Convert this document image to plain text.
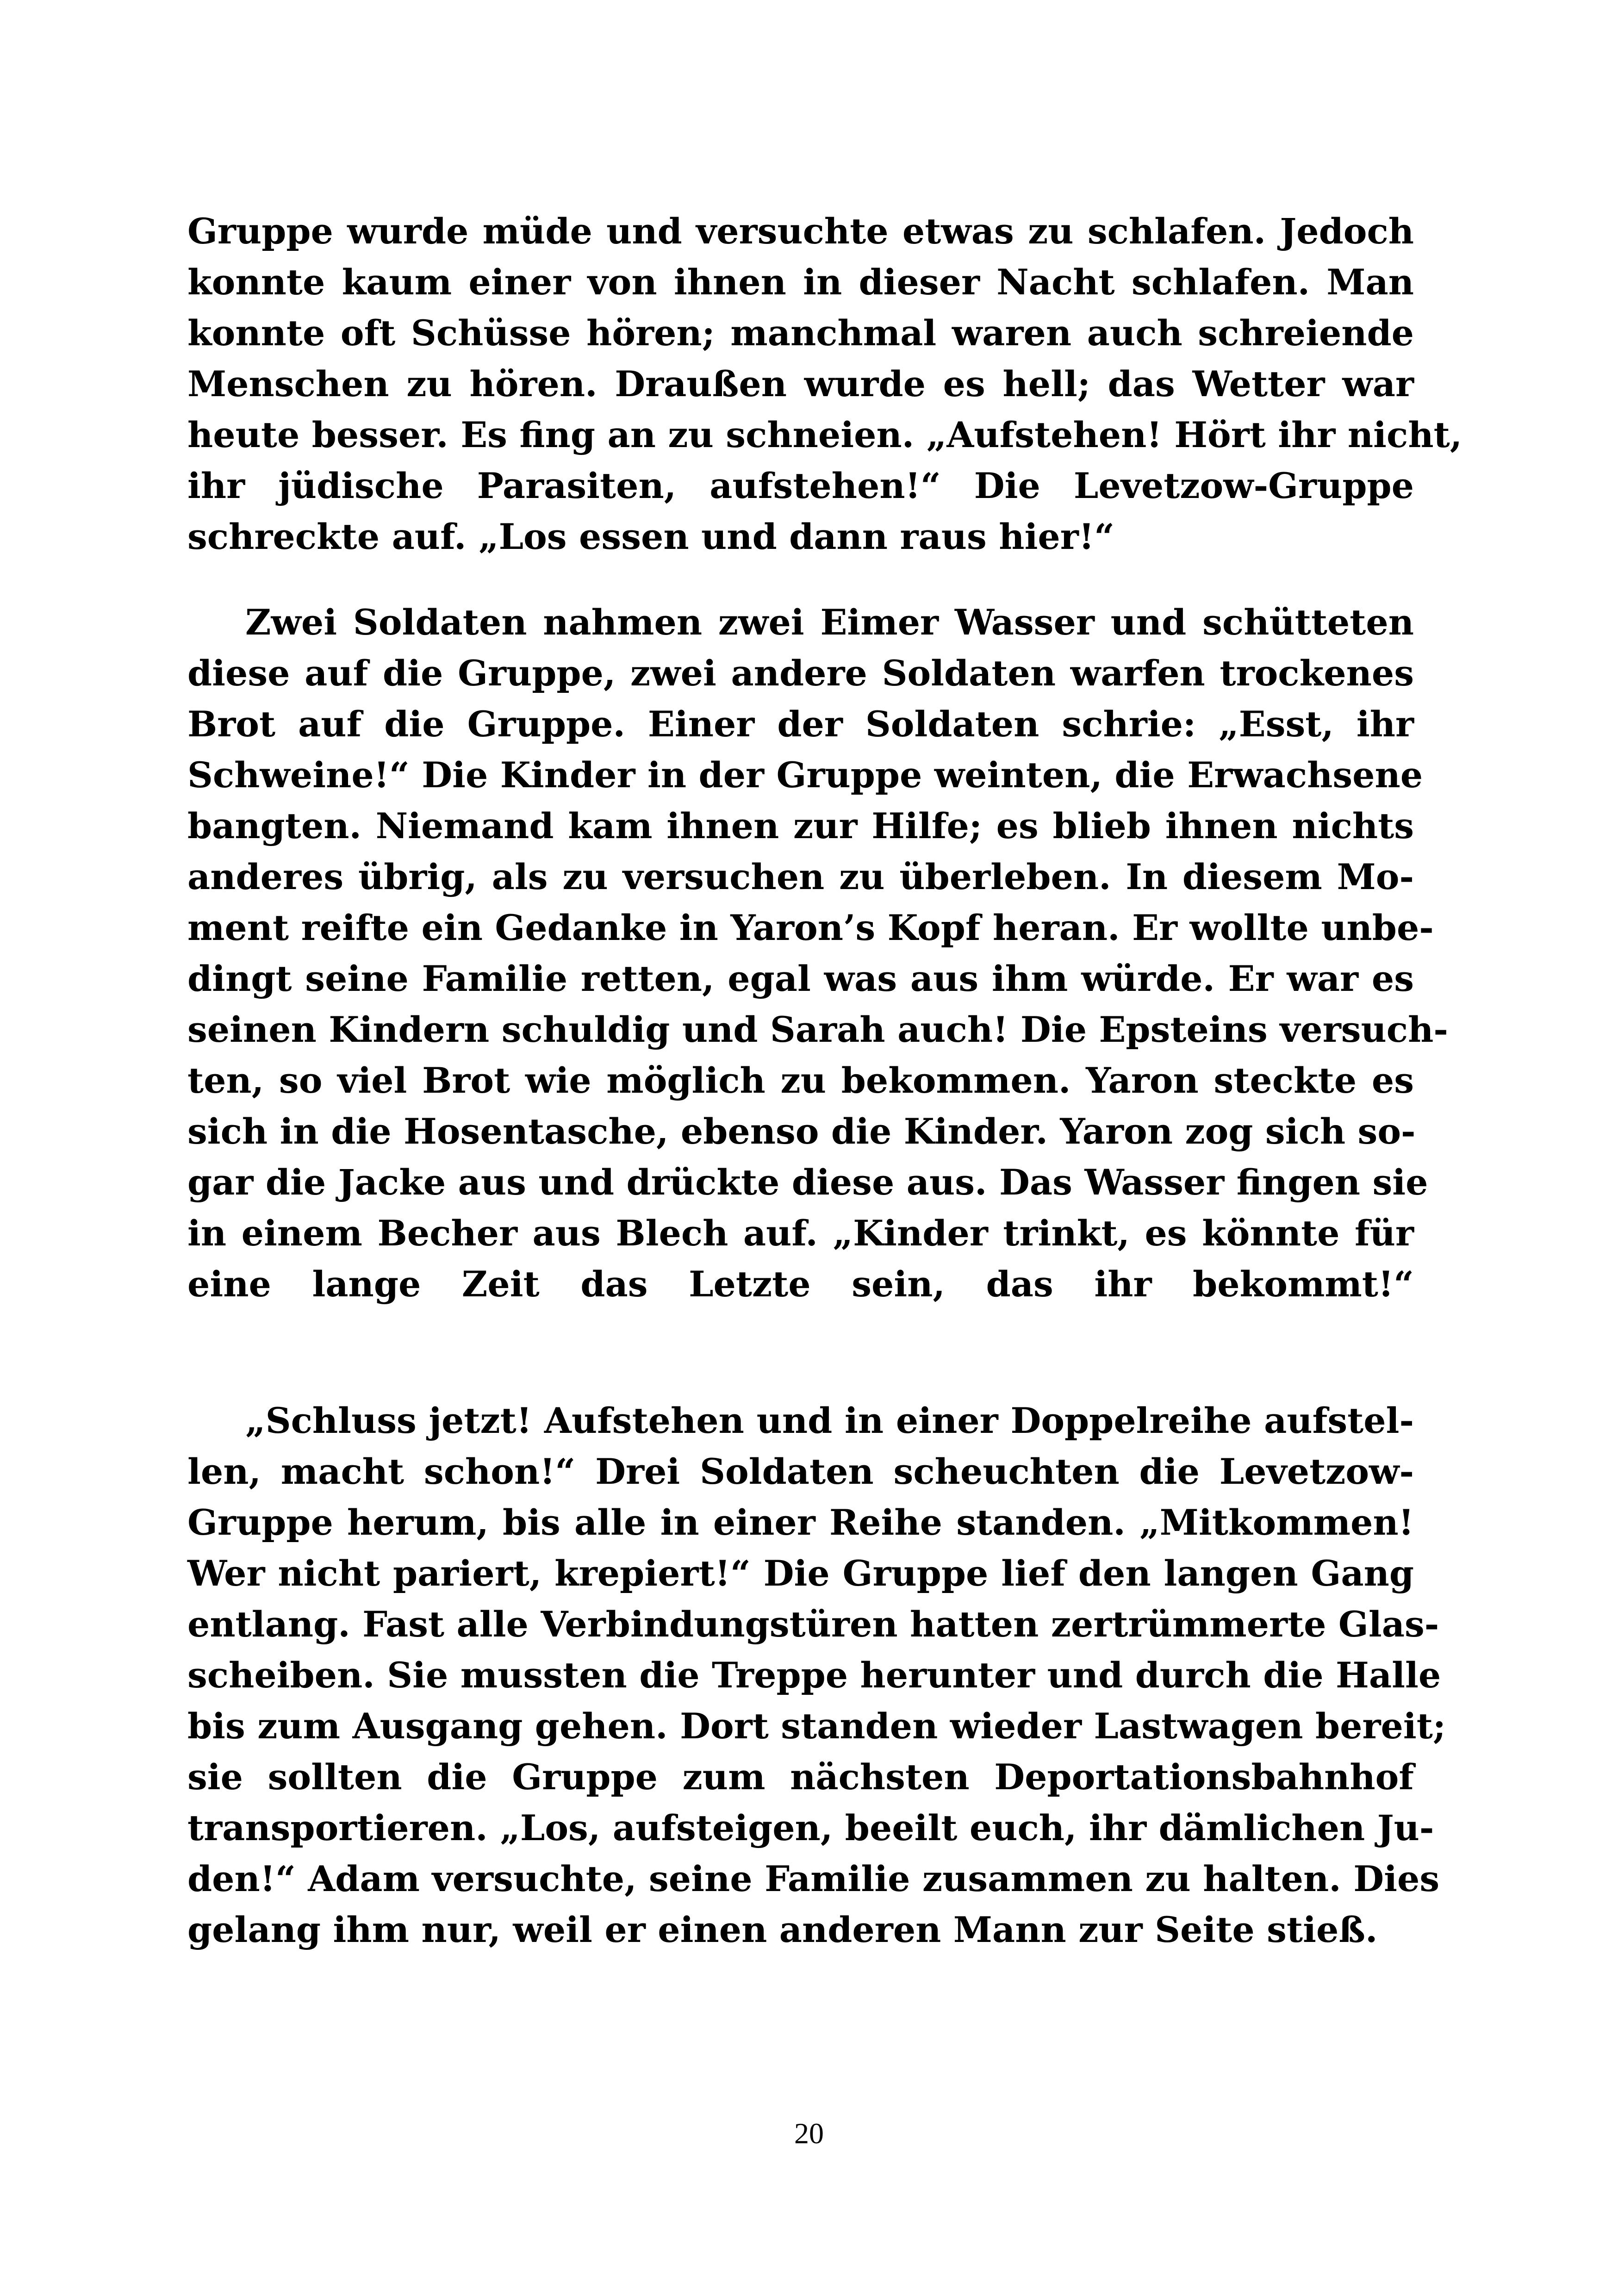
Gruppe wurde müde und versuchte etwas zu schlafen. Jedoch
konnte kaum einer von ihnen in dieser Nacht schlafen. Man
konnte oft Schüsse hören; manchmal waren auch schreiende
Menschen zu hören. Draußen wurde es hell; das Wetter war
heute besser. Es fing an zu schneien. „Aufstehen! Hört ihr nicht,
ihr jüdische Parasiten, aufstehen!“ Die Levetzow-Gruppe
schreckte auf. „Los essen und dann raus hier!“
Zwei Soldaten nahmen zwei Eimer Wasser und schütteten
diese auf die Gruppe, zwei andere Soldaten warfen trockenes
Brot auf die Gruppe. Einer der Soldaten schrie: „Esst, ihr
Schweine!“ Die Kinder in der Gruppe weinten, die Erwachsene
bangten. Niemand kam ihnen zur Hilfe; es blieb ihnen nichts
anderes übrig, als zu versuchen zu überleben. In diesem Mo-
ment reifte ein Gedanke in Yaron’s Kopf heran. Er wollte unbe-
dingt seine Familie retten, egal was aus ihm würde. Er war es
seinen Kindern schuldig und Sarah auch! Die Epsteins versuch-
ten, so viel Brot wie möglich zu bekommen. Yaron steckte es
sich in die Hosentasche, ebenso die Kinder. Yaron zog sich so-
gar die Jacke aus und drückte diese aus. Das Wasser fingen sie
in einem Becher aus Blech auf. „Kinder trinkt, es könnte für
eine lange Zeit das Letzte sein, das ihr bekommt!“
„Schluss jetzt! Aufstehen und in einer Doppelreihe aufstel-
len, macht schon!“ Drei Soldaten scheuchten die Levetzow-
Gruppe herum, bis alle in einer Reihe standen. „Mitkommen!
Wer nicht pariert, krepiert!“ Die Gruppe lief den langen Gang
entlang. Fast alle Verbindungstüren hatten zertrümmerte Glas-
scheiben. Sie mussten die Treppe herunter und durch die Halle
bis zum Ausgang gehen. Dort standen wieder Lastwagen bereit;
sie sollten die Gruppe zum nächsten Deportationsbahnhof
transportieren. „Los, aufsteigen, beeilt euch, ihr dämlichen Ju-
den!“ Adam versuchte, seine Familie zusammen zu halten. Dies
gelang ihm nur, weil er einen anderen Mann zur Seite stieß.
20
